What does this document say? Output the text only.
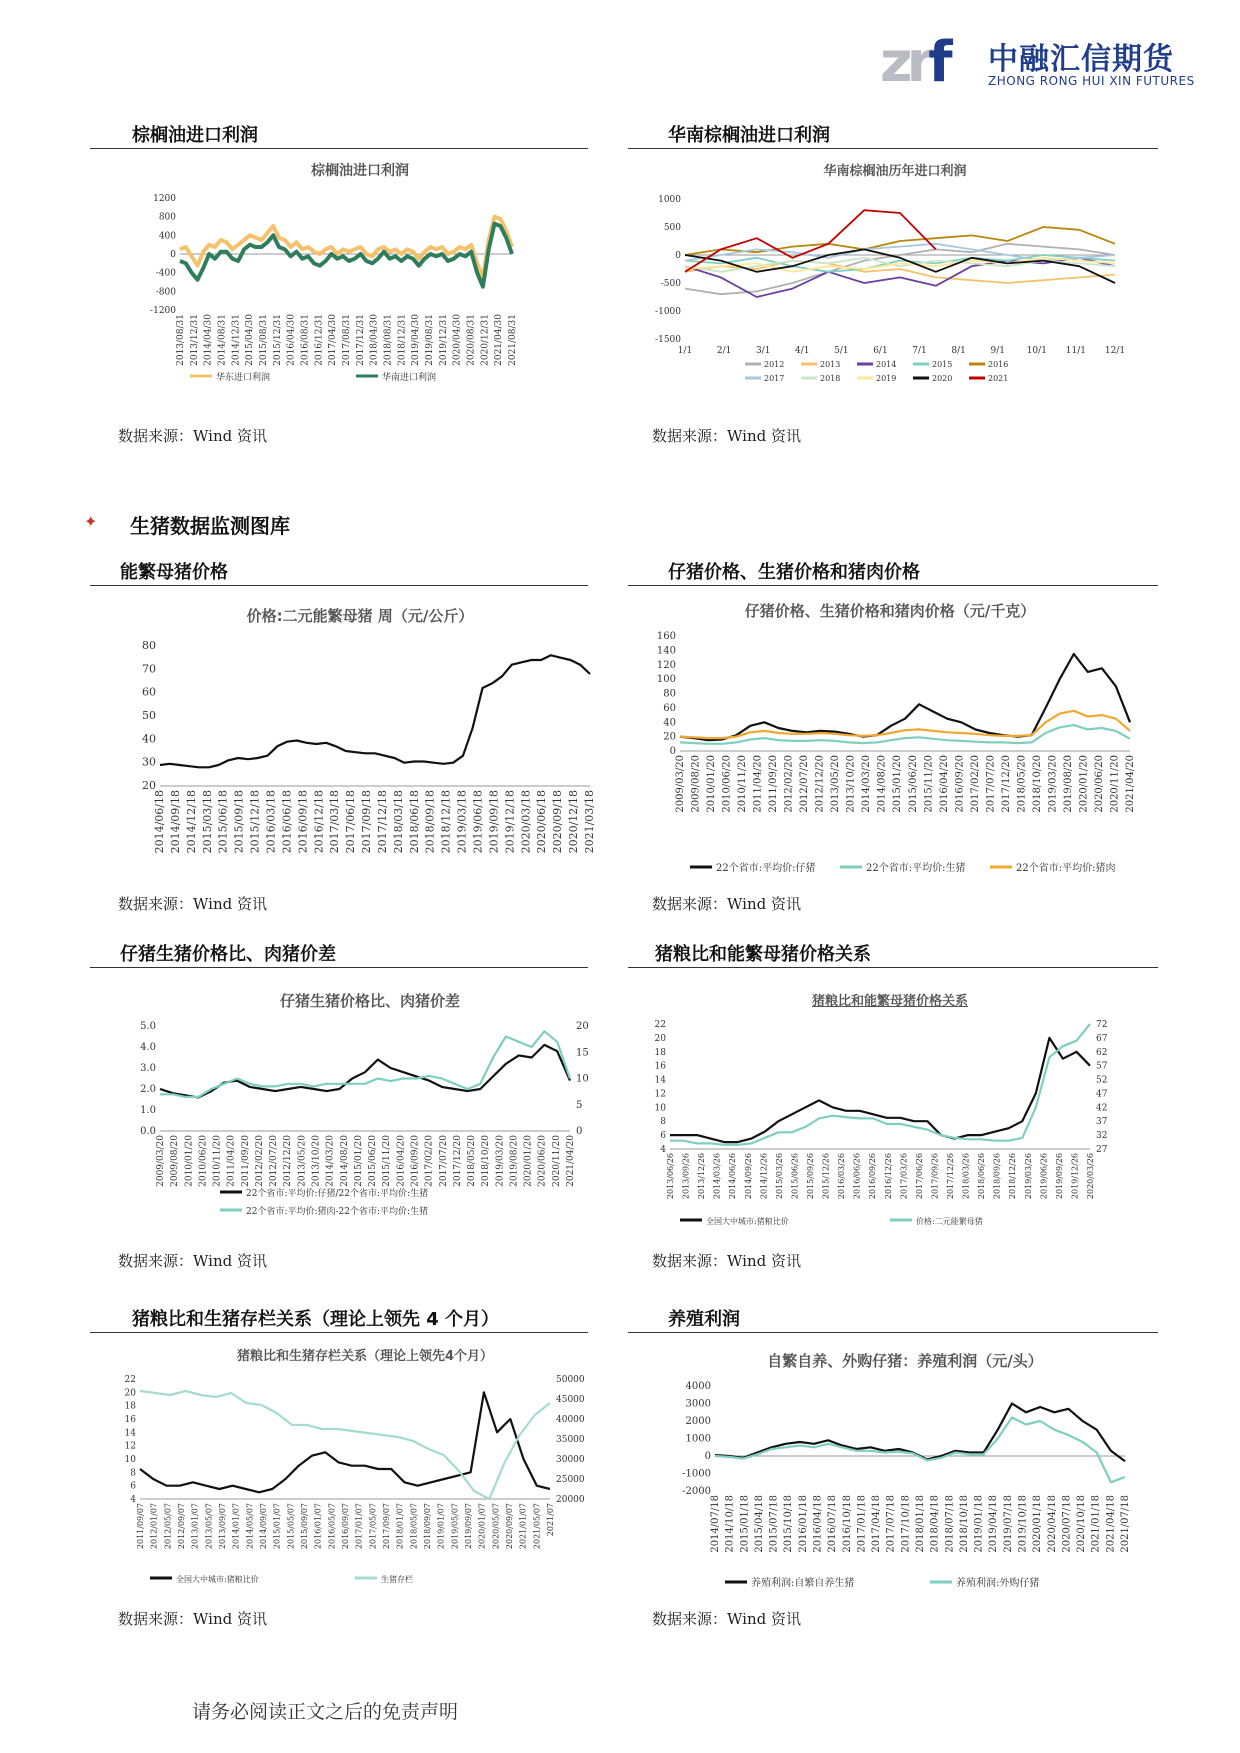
zrf 中融汇信期货
ZHONG RONG HUI XIN FUTURES
棕榈油进口利润	华南棕榈油进口利润
棕榈油进口利润
1200
800
400
0
-400
-800
-1200
2013/08/31 2013/12/31 2014/04/30 2014/08/31 2014/12/31 2015/04/30 2015/08/31 2015/12/31 2016/04/30 2016/08/31 2016/12/31 2017/04/30 2017/08/31 2017/12/31 2018/04/30 2018/08/31 2018/12/31 2019/04/30 2019/08/31 2019/12/31 2020/04/30 2020/08/31 2020/12/31 2021/04/30 2021/08/31
华东进口利润	华南进口利润
华南棕榈油历年进口利润
1000
500
0
-500
-1000
-1500
1/1	2/1	3/1	4/1	5/1	6/1	7/1	8/1	9/1 10/1 11/1 12/1
2012	2013	2014	2015	2016
2017	2018	2019	2020	2021
数据来源：Wind 资讯	数据来源：Wind 资讯
✦ 生猪数据监测图库
能繁母猪价格	仔猪价格、生猪价格和猪肉价格
价格:二元能繁母猪 周（元/公斤）
80
70
60
50
40
30
20
2014/06/18 2014/09/18 2014/12/18 2015/03/18 2015/06/18 2015/09/18 2015/12/18 2016/03/18 2016/06/18 2016/09/18 2016/12/18 2017/03/18 2017/06/18 2017/09/18 2017/12/18 2018/03/18 2018/06/18 2018/09/18 2018/12/18 2019/03/18 2019/06/18 2019/09/18 2019/12/18 2020/03/18 2020/06/18 2020/09/18 2020/12/18 2021/03/18
仔猪价格、生猪价格和猪肉价格（元/千克）
160
140
120
100
80
60
40
20
0
2009/03/20 2009/08/20 2010/01/20 2010/06/20 2010/11/20 2011/04/20 2011/09/20 2012/02/20 2012/07/20 2012/12/20 2013/05/20 2013/10/20 2014/03/20 2014/08/20 2015/01/20 2015/06/20 2015/11/20 2016/04/20 2016/09/20 2017/02/20 2017/07/20 2017/12/20 2018/05/20 2018/10/20 2019/03/20 2019/08/20 2020/01/20 2020/06/20 2020/11/20 2021/04/20
22个省市:平均价:仔猪	22个省市:平均价:生猪	22个省市:平均价:猪肉
数据来源：Wind 资讯	数据来源：Wind 资讯
仔猪生猪价格比、肉猪价差	猪粮比和能繁母猪价格关系
仔猪生猪价格比、肉猪价差
5.0
4.0
3.0
2.0
1.0
0.0
20
15
10
5
0
2009/03/20 2009/08/20 2010/01/20 2010/06/20 2010/11/20 2011/04/20 2011/09/20 2012/02/20 2012/07/20 2012/12/20 2013/05/20 2013/10/20 2014/03/20 2014/08/20 2015/01/20 2015/06/20 2015/11/20 2016/04/20 2016/09/20 2017/02/20 2017/07/20 2017/12/20 2018/05/20 2018/10/20 2019/03/20 2019/08/20 2020/01/20 2020/06/20 2020/11/20 2021/04/20
22个省市:平均价:仔猪/22个省市:平均价:生猪
22个省市:平均价:猪肉-22个省市:平均价:生猪
猪粮比和能繁母猪价格关系
22
20
18
16
14
12
10
8
6
4
72
67
62
57
52
47
42
37
32
27
2013/06/26 2013/09/26 2013/12/26 2014/03/26 2014/06/26 2014/09/26 2014/12/26 2015/03/26 2015/06/26 2015/09/26 2015/12/26 2016/03/26 2016/06/26 2016/09/26 2016/12/26 2017/03/26 2017/06/26 2017/09/26 2017/12/26 2018/03/26 2018/06/26 2018/09/26 2018/12/26 2019/03/26 2019/06/26 2019/09/26 2019/12/26 2020/03/26
全国大中城市:猪粮比价	价格:二元能繁母猪
数据来源：Wind 资讯	数据来源：Wind 资讯
猪粮比和生猪存栏关系（理论上领先 4 个月）	养殖利润
猪粮比和生猪存栏关系（理论上领先4个月）
22
20
18
16
14
12
10
8
6
4
50000
45000
40000
35000
30000
25000
20000
2011/09/07 2012/01/07 2012/05/07 2012/09/07 2013/01/07 2013/05/07 2013/09/07 2014/01/07 2014/05/07 2014/09/07 2015/01/07 2015/05/07 2015/09/07 2016/01/07 2016/05/07 2016/09/07 2017/01/07 2017/05/07 2017/09/07 2018/01/07 2018/05/07 2018/09/07 2019/01/07 2019/05/07 2019/09/07 2020/01/07 2020/05/07 2020/09/07 2021/01/07 2021/05/07 2021/07
全国大中城市:猪粮比价	生猪存栏
自繁自养、外购仔猪：养殖利润（元/头）
4000
3000
2000
1000
0
-1000
-2000
2014/07/18 2014/10/18 2015/01/18 2015/04/18 2015/07/18 2015/10/18 2016/01/18 2016/04/18 2016/07/18 2016/10/18 2017/01/18 2017/04/18 2017/07/18 2017/10/18 2018/01/18 2018/04/18 2018/07/18 2018/10/18 2019/01/18 2019/04/18 2019/07/18 2019/10/18 2020/01/18 2020/04/18 2020/07/18 2020/10/18 2021/01/18 2021/04/18 2021/07/18
养殖利润:自繁自养生猪	养殖利润:外购仔猪
数据来源：Wind 资讯	数据来源：Wind 资讯
请务必阅读正文之后的免责声明
